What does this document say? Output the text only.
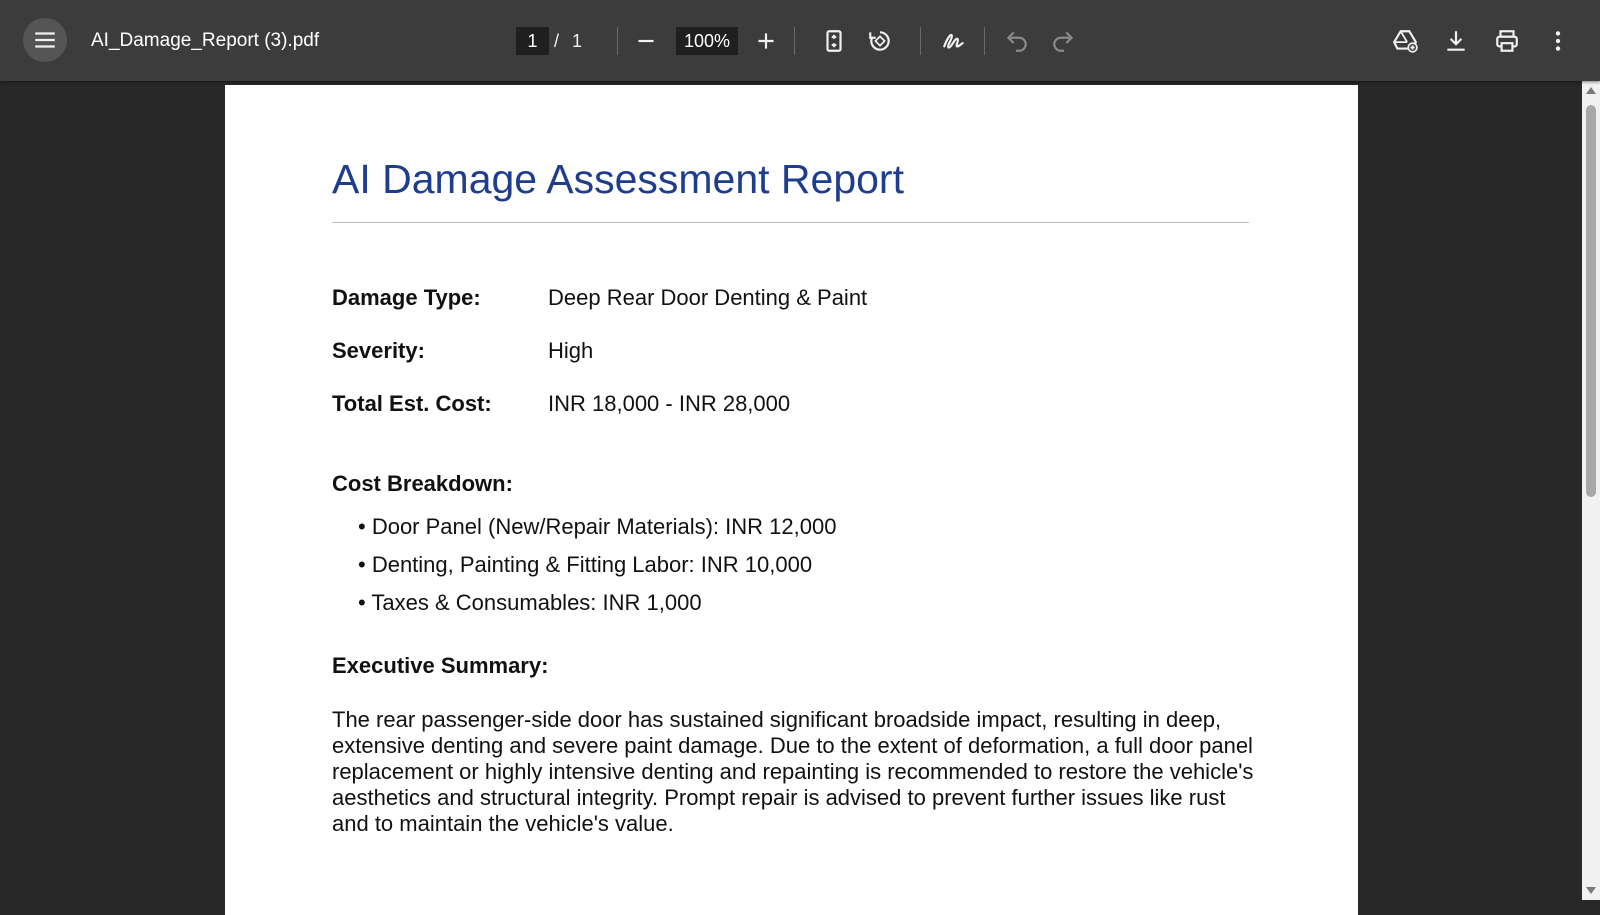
AI_Damage_Report (3).pdf	1 / 1	100%
AI Damage Assessment Report
Damage Type:	Deep Rear Door Denting & Paint
Severity:	High
Total Est. Cost:	INR 18,000 - INR 28,000
Cost Breakdown:
• Door Panel (New/Repair Materials): INR 12,000
• Denting, Painting & Fitting Labor: INR 10,000
• Taxes & Consumables: INR 1,000
Executive Summary:
The rear passenger-side door has sustained significant broadside impact, resulting in deep, extensive denting and severe paint damage. Due to the extent of deformation, a full door panel replacement or highly intensive denting and repainting is recommended to restore the vehicle's aesthetics and structural integrity. Prompt repair is advised to prevent further issues like rust and to maintain the vehicle's value.
